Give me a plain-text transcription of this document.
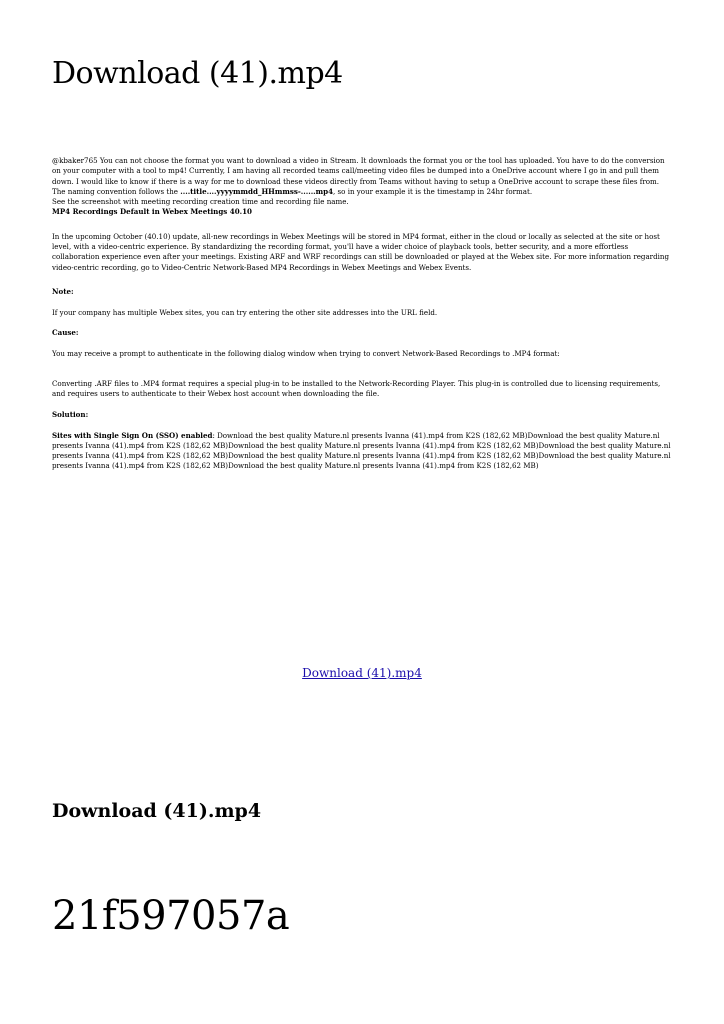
Download (41).mp4

@kbaker765 You can not choose the format you want to download a video in Stream. It downloads the format you or the tool has uploaded. You have to do the conversion on your computer with a tool to mp4! Currently, I am having all recorded teams call/meeting video files be dumped into a OneDrive account where I go in and pull them down. I would like to know if there is a way for me to download these videos directly from Teams without having to setup a OneDrive account to scrape these files from. The naming convention follows the ....title....yyyymmdd_HHmmss-......mp4, so in your example it is the timestamp in 24hr format.

See the screenshot with meeting recording creation time and recording file name.

MP4 Recordings Default in Webex Meetings 40.10

In the upcoming October (40.10) update, all-new recordings in Webex Meetings will be stored in MP4 format, either in the cloud or locally as selected at the site or host level, with a video-centric experience. By standardizing the recording format, you'll have a wider choice of playback tools, better security, and a more effortless collaboration experience even after your meetings. Existing ARF and WRF recordings can still be downloaded or played at the Webex site. For more information regarding video-centric recording, go to Video-Centric Network-Based MP4 Recordings in Webex Meetings and Webex Events.

Note:

If your company has multiple Webex sites, you can try entering the other site addresses into the URL field.

Cause:

You may receive a prompt to authenticate in the following dialog window when trying to convert Network-Based Recordings to .MP4 format:

Converting .ARF files to .MP4 format requires a special plug-in to be installed to the Network-Recording Player. This plug-in is controlled due to licensing requirements, and requires users to authenticate to their Webex host account when downloading the file.

Solution:

Sites with Single Sign On (SSO) enabled: Download the best quality Mature.nl presents Ivanna (41).mp4 from K2S (182,62 MB)Download the best quality Mature.nl presents Ivanna (41).mp4 from K2S (182,62 MB)Download the best quality Mature.nl presents Ivanna (41).mp4 from K2S (182,62 MB)Download the best quality Mature.nl presents Ivanna (41).mp4 from K2S (182,62 MB)Download the best quality Mature.nl presents Ivanna (41).mp4 from K2S (182,62 MB)Download the best quality Mature.nl presents Ivanna (41).mp4 from K2S (182,62 MB)Download the best quality Mature.nl presents Ivanna (41).mp4 from K2S (182,62 MB)

Download (41).mp4
Download (41).mp4
21f597057a
